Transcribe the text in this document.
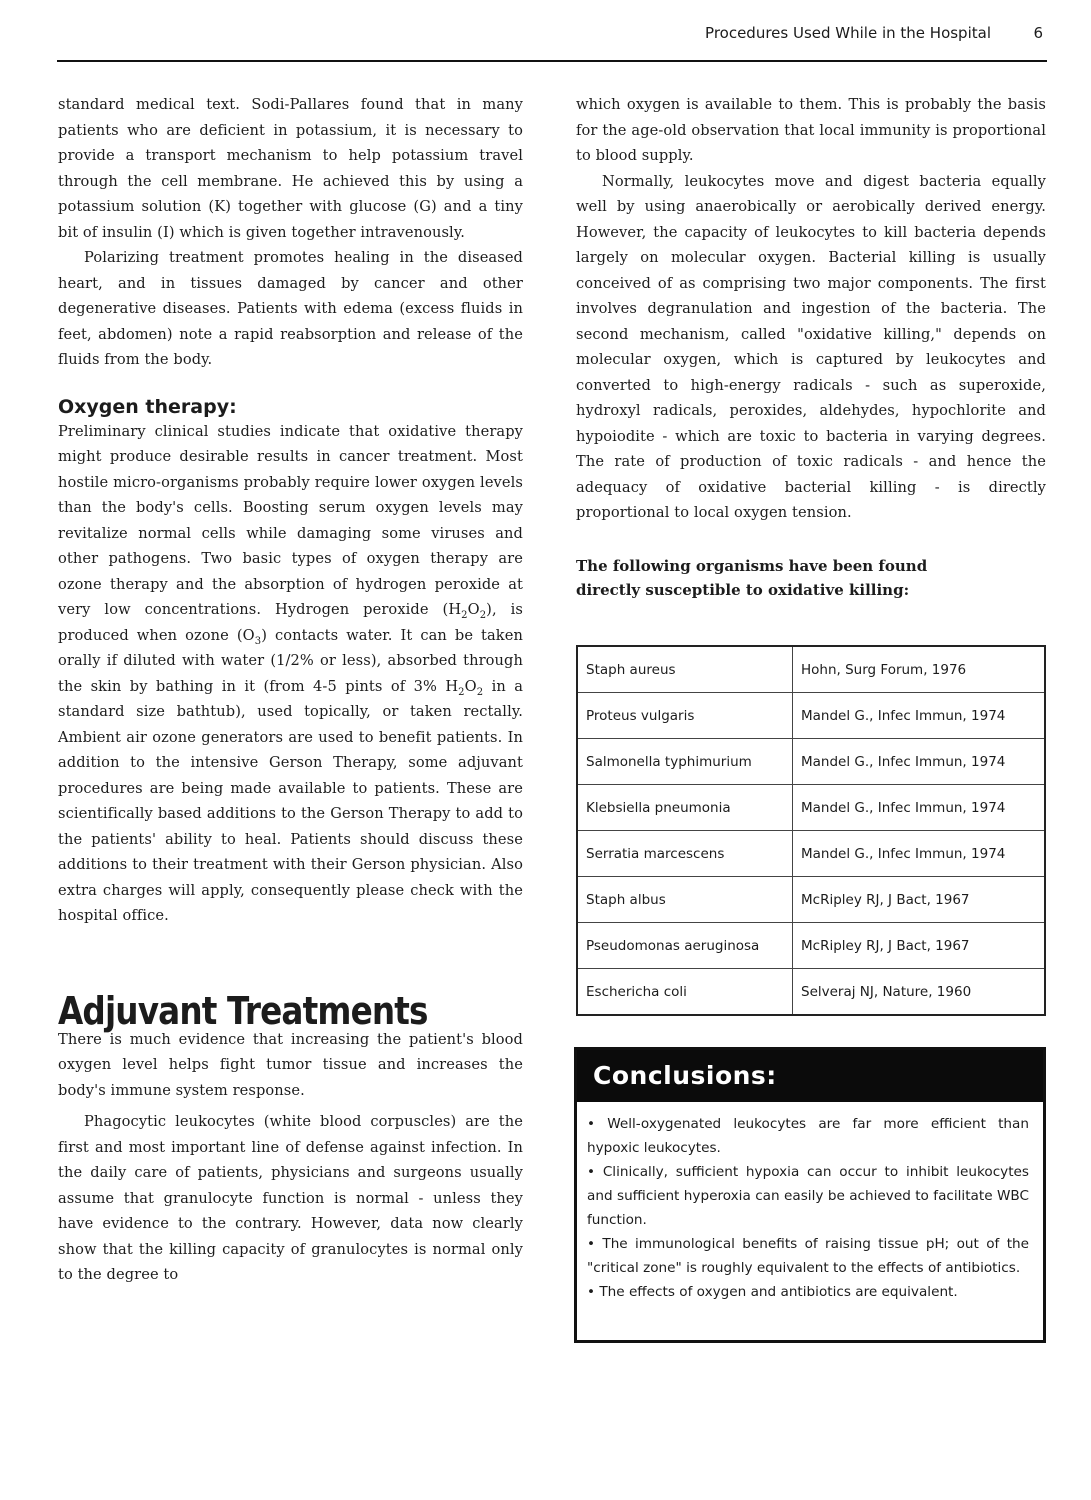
Procedures Used While in the Hospital	6

standard medical text. Sodi-Pallares found that in many patients who are deficient in potassium, it is necessary to provide a transport mechanism to help potassium travel through the cell membrane. He achieved this by using a potassium solution (K) together with glucose (G) and a tiny bit of insulin (I) which is given together intravenously.

Polarizing treatment promotes healing in the diseased heart, and in tissues damaged by cancer and other degenerative diseases. Patients with edema (excess fluids in feet, abdomen) note a rapid reabsorption and release of the fluids from the body.

Oxygen therapy:

Preliminary clinical studies indicate that oxidative therapy might produce desirable results in cancer treatment. Most hostile micro-organisms probably require lower oxygen levels than the body's cells. Boosting serum oxygen levels may revitalize normal cells while damaging some viruses and other pathogens. Two basic types of oxygen therapy are ozone therapy and the absorption of hydrogen peroxide at very low concentrations. Hydrogen peroxide $(H_2O_2)$, is produced when ozone $(O_3)$ contacts water. It can be taken orally if diluted with water (1/2% or less), absorbed through the skin by bathing in it (from 4-5 pints of 3% $H_2O_2$ in a standard size bathtub), used topically, or taken rectally. Ambient air ozone generators are used to benefit patients. In addition to the intensive Gerson Therapy, some adjuvant procedures are being made available to patients. These are scientifically based additions to the Gerson Therapy to add to the patients' ability to heal. Patients should discuss these additions to their treatment with their Gerson physician. Also extra charges will apply, consequently please check with the hospital office.

Adjuvant Treatments

There is much evidence that increasing the patient's blood oxygen level helps fight tumor tissue and increases the body's immune system response.

Phagocytic leukocytes (white blood corpuscles) are the first and most important line of defense against infection. In the daily care of patients, physicians and surgeons usually assume that granulocyte function is normal - unless they have evidence to the contrary. However, data now clearly show that the killing capacity of granulocytes is normal only to the degree to

which oxygen is available to them. This is probably the basis for the age-old observation that local immunity is proportional to blood supply.

Normally, leukocytes move and digest bacteria equally well by using anaerobically or aerobically derived energy. However, the capacity of leukocytes to kill bacteria depends largely on molecular oxygen. Bacterial killing is usually conceived of as comprising two major components. The first involves degranulation and ingestion of the bacteria. The second mechanism, called "oxidative killing," depends on molecular oxygen, which is captured by leukocytes and converted to high-energy radicals - such as superoxide, hydroxyl radicals, peroxides, aldehydes, hypochlorite and hypoiodite - which are toxic to bacteria in varying degrees. The rate of production of toxic radicals - and hence the adequacy of oxidative bacterial killing - is directly proportional to local oxygen tension.

The following organisms have been found
directly susceptible to oxidative killing:
Staph aureus	Hohn, Surg Forum, 1976
Proteus vulgaris	Mandel G., Infec Immun, 1974
Salmonella typhimurium	Mandel G., Infec Immun, 1974
Klebsiella pneumonia	Mandel G., Infec Immun, 1974
Serratia marcescens	Mandel G., Infec Immun, 1974
Staph albus	McRipley RJ, J Bact, 1967
Pseudomonas aeruginosa	McRipley RJ, J Bact, 1967
Eschericha coli	Selveraj NJ, Nature, 1960
Conclusions:
• Well-oxygenated leukocytes are far more efficient than hypoxic leukocytes.
• Clinically, sufficient hypoxia can occur to inhibit leukocytes and sufficient hyperoxia can easily be achieved to facilitate WBC function.
• The immunological benefits of raising tissue pH; out of the "critical zone" is roughly equivalent to the effects of antibiotics.
• The effects of oxygen and antibiotics are equivalent.
